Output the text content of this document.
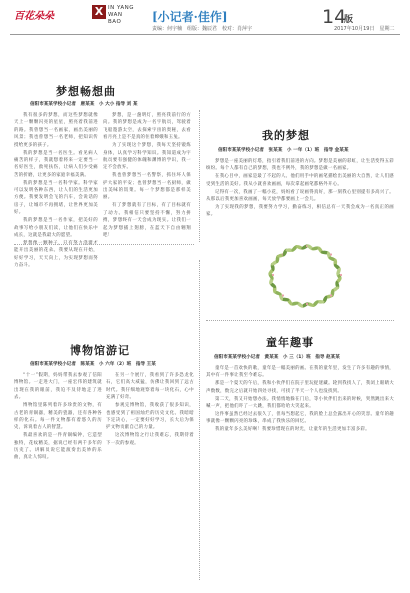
百花朵朵	X IN YANG
WAN BAO	[小记者·佳作]
责编：何宇楠　组版：魏辰君　校对：肖萍宇
14
版
2017年10月19日　星期二
梦想畅想曲
信阳市某某学校小记者　唐某某　小 大小 指导 刘 某

我有很多的梦想，而这些梦想就像天上一颗颗闪亮的星星，照亮着我前进的路。我曾想当一名画家，画出美丽的风景；我也曾想当一名老师，把知识传授给更多的孩子。

我的梦想是当一名医生。看见病人痛苦的样子，我就想着将来一定要当一名好医生，救死扶伤，让病人们少受痛苦的折磨，让更多的家庭幸福美满。

我的梦想是当一名科学家。科学家可以发明各种东西，让人们的生活更加方便。我要发明会飞的汽车，会说话的房子，让城市不再拥堵，让世界更加美好。

我的梦想是当一名作家，把美好的故事写给小朋友们读，让他们在快乐中成长，这就是我最大的愿望。

梦想像一颗种子，只有努力浇灌才能开出美丽的花朵。我要从现在开始，好好学习，天天向上，为实现梦想而努力奋斗。

梦想，是一盏明灯，照亮我前行的方向。我的梦想是成为一名宇航员，驾驶着飞船遨游太空，去探索宇宙的奥秘，去看看月亮上是不是真的住着嫦娥和玉兔。

为了实现这个梦想，我每天坚持锻炼身体，认真学习科学知识。我知道成为宇航员要有强健的体魄和渊博的学识，我一定不会放弃。

我也曾梦想当一名警察，抓住坏人保护大家的平安；也曾梦想当一名厨师，做出美味的饭菜。每一个梦想都是那样美丽。

有了梦想就有了目标，有了目标就有了动力。我相信只要坚持不懈，努力拼搏，梦想终有一天会成为现实。让我们一起为梦想插上翅膀，在蓝天下自由翱翔吧！

我的梦想
信阳市某某学校小记者　张某某　小 一年（1）班　指导 金某某

梦想是一座美丽的灯塔，指引着我们前进的方向。梦想是美丽的彩虹，让生活变得五彩缤纷。每个人都有自己的梦想，我也不例外，我的梦想是做一名画家。

在我心目中，画家是最了不起的人。他们用手中的画笔描绘出美丽的大自然，让人们感受到生活的美好。我从小就喜欢画画，每次拿起画笔都格外开心。

记得有一次，我画了一幅小花，妈妈看了说画得真好，那一刻我心里别提有多高兴了。从那以后我更加喜欢画画，每天放学都要画上一会儿。

为了实现我的梦想，我要努力学习，勤奋练习，相信总有一天我会成为一名真正的画家。

博物馆游记
信阳市某某学校小记者　陈某某　小 六年（2）班　指导 王某

“十一”假期，妈妈带我去参观了信阳博物馆。一走进大门，一座宏伟的建筑就出现在我的眼前，我迫不及待地走了进去。

博物馆里陈列着许多珍贵的文物，有古老的青铜器，精美的瓷器，还有各种各样的化石。每一件文物都有着悠久的历史，诉说着古人的智慧。

我最喜欢的是一件青铜编钟，它造型独特，花纹精美，据说已经有两千多年的历史了。讲解员说它能演奏出美妙的乐曲，真让人惊叹。

在另一个展厅，我看到了许多恐龙化石，它们高大威猛，仿佛让我回到了远古时代。我仔细地观察着每一块化石，心中充满了好奇。

参观完博物馆，我收获了很多知识，也感受到了祖国灿烂的历史文化。我暗暗下定决心，一定要好好学习，长大后为保护文物贡献自己的力量。

这次博物馆之行让我难忘，我期待着下一次的参观。

童年趣事
信阳市某某学校小记者　黄某某　小 三（1）班　指导 赵某某

童年是一首欢快的歌，童年是一幅美丽的画。在我的童年里，发生了许多有趣的事情，其中有一件事让我至今难忘。

那是一个夏天的午后，我和小伙伴们在院子里玩捉迷藏。轮到我找人了，我闭上眼睛大声数数，数完之后就开始四处寻找，可找了半天一个人也没找到。

第二天，我又开始想办法。我悄悄地躲在门后，等小伙伴们出来的时候，突然跳出来大喊一声，把他们吓了一大跳，我们都哈哈大笑起来。

这件事虽然已经过去很久了，但每当想起它，我的脸上总会露出开心的笑容。童年的趣事就像一颗颗闪亮的珍珠，串成了我快乐的回忆。

我的童年多么美好啊！我要珍惜现在的时光，让童年的生活更加丰富多彩。
